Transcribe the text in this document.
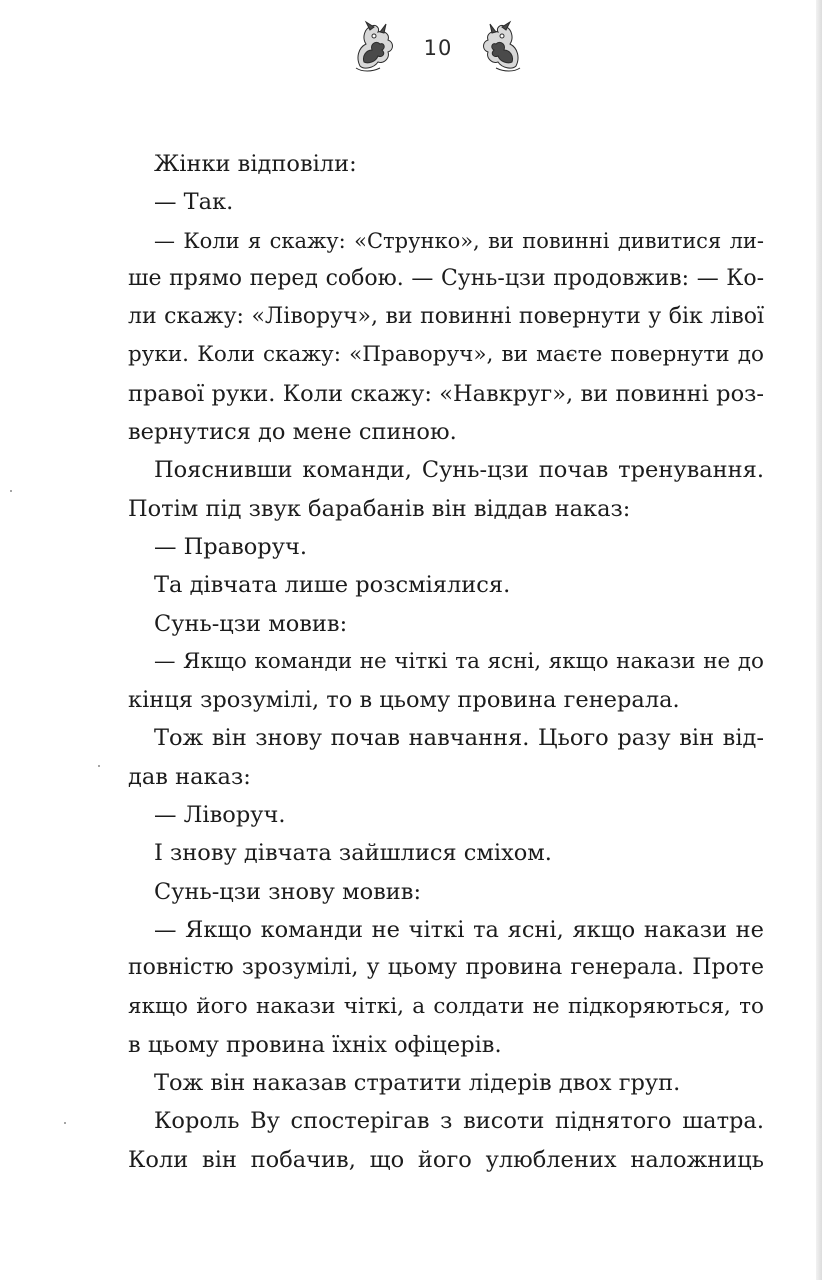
10
Жінки відповіли:
— Так.
— Коли я скажу: «Струнко», ви повинні дивитися ли-
ше прямо перед собою. — Сунь-цзи продовжив: — Ко-
ли скажу: «Ліворуч», ви повинні повернути у бік лівої
руки. Коли скажу: «Праворуч», ви маєте повернути до
правої руки. Коли скажу: «Навкруг», ви повинні роз-
вернутися до мене спиною.
Пояснивши команди, Сунь-цзи почав тренування.
Потім під звук барабанів він віддав наказ:
— Праворуч.
Та дівчата лише розсміялися.
Сунь-цзи мовив:
— Якщо команди не чіткі та ясні, якщо накази не до
кінця зрозумілі, то в цьому провина генерала.
Тож він знову почав навчання. Цього разу він від-
дав наказ:
— Ліворуч.
І знову дівчата зайшлися сміхом.
Сунь-цзи знову мовив:
— Якщо команди не чіткі та ясні, якщо накази не
повністю зрозумілі, у цьому провина генерала. Проте
якщо його накази чіткі, а солдати не підкоряються, то
в цьому провина їхніх офіцерів.
Тож він наказав стратити лідерів двох груп.
Король Ву спостерігав з висоти піднятого шатра.
Коли він побачив, що його улюблених наложниць
